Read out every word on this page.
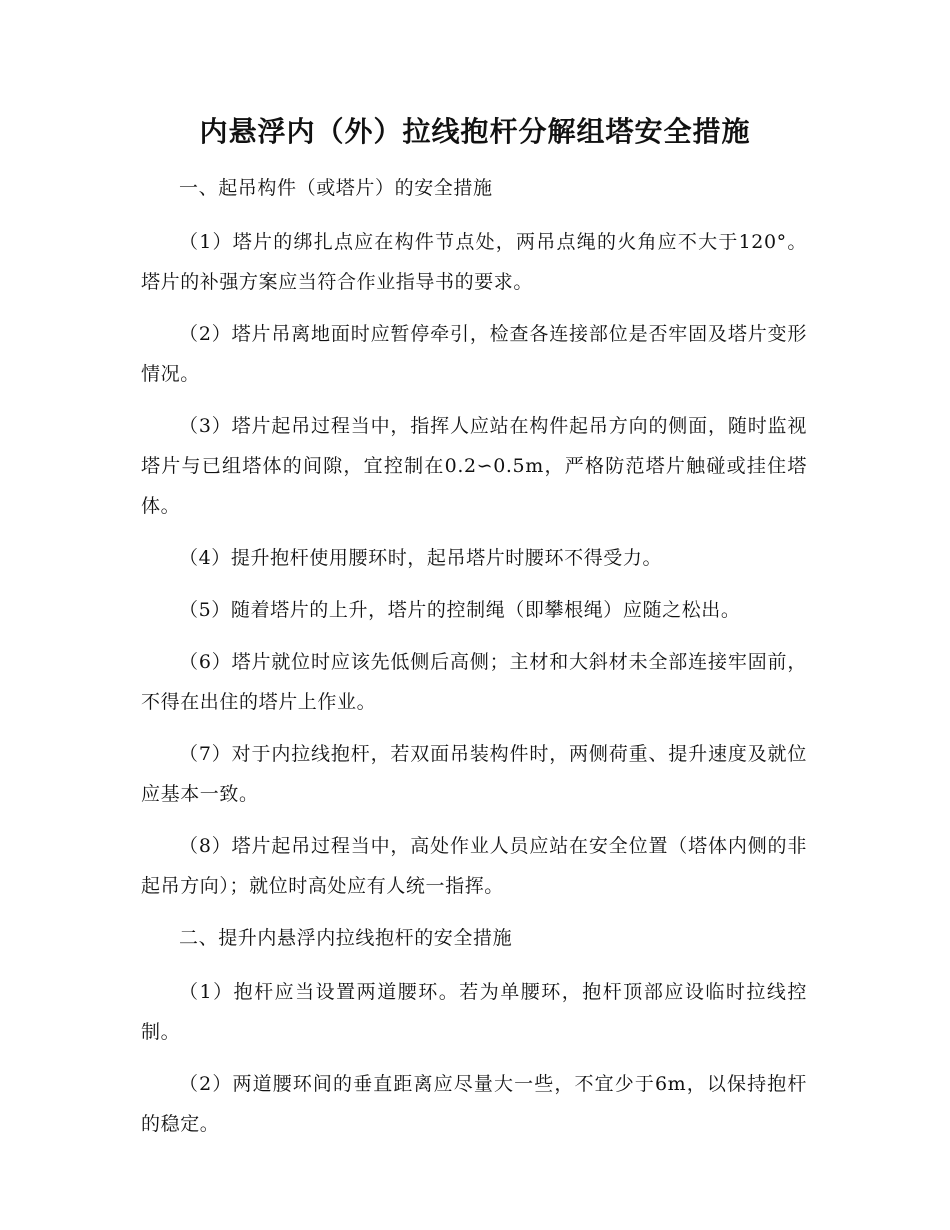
内悬浮内（外）拉线抱杆分解组塔安全措施

一、起吊构件（或塔片）的安全措施

（1）塔片的绑扎点应在构件节点处，两吊点绳的火角应不大于120°。塔片的补强方案应当符合作业指导书的要求。

（2）塔片吊离地面时应暂停牵引，检查各连接部位是否牢固及塔片变形情况。

（3）塔片起吊过程当中，指挥人应站在构件起吊方向的侧面，随时监视塔片与已组塔体的间隙，宜控制在0.2∽0.5m，严格防范塔片触碰或挂住塔体。

（4）提升抱杆使用腰环时，起吊塔片时腰环不得受力。

（5）随着塔片的上升，塔片的控制绳（即攀根绳）应随之松出。

（6）塔片就位时应该先低侧后高侧；主材和大斜材未全部连接牢固前，不得在出住的塔片上作业。

（7）对于内拉线抱杆，若双面吊装构件时，两侧荷重、提升速度及就位应基本一致。

（8）塔片起吊过程当中，高处作业人员应站在安全位置（塔体内侧的非起吊方向）；就位时高处应有人统一指挥。

二、提升内悬浮内拉线抱杆的安全措施

（1）抱杆应当设置两道腰环。若为单腰环，抱杆顶部应设临时拉线控制。

（2）两道腰环间的垂直距离应尽量大一些，不宜少于6m，以保持抱杆的稳定。
